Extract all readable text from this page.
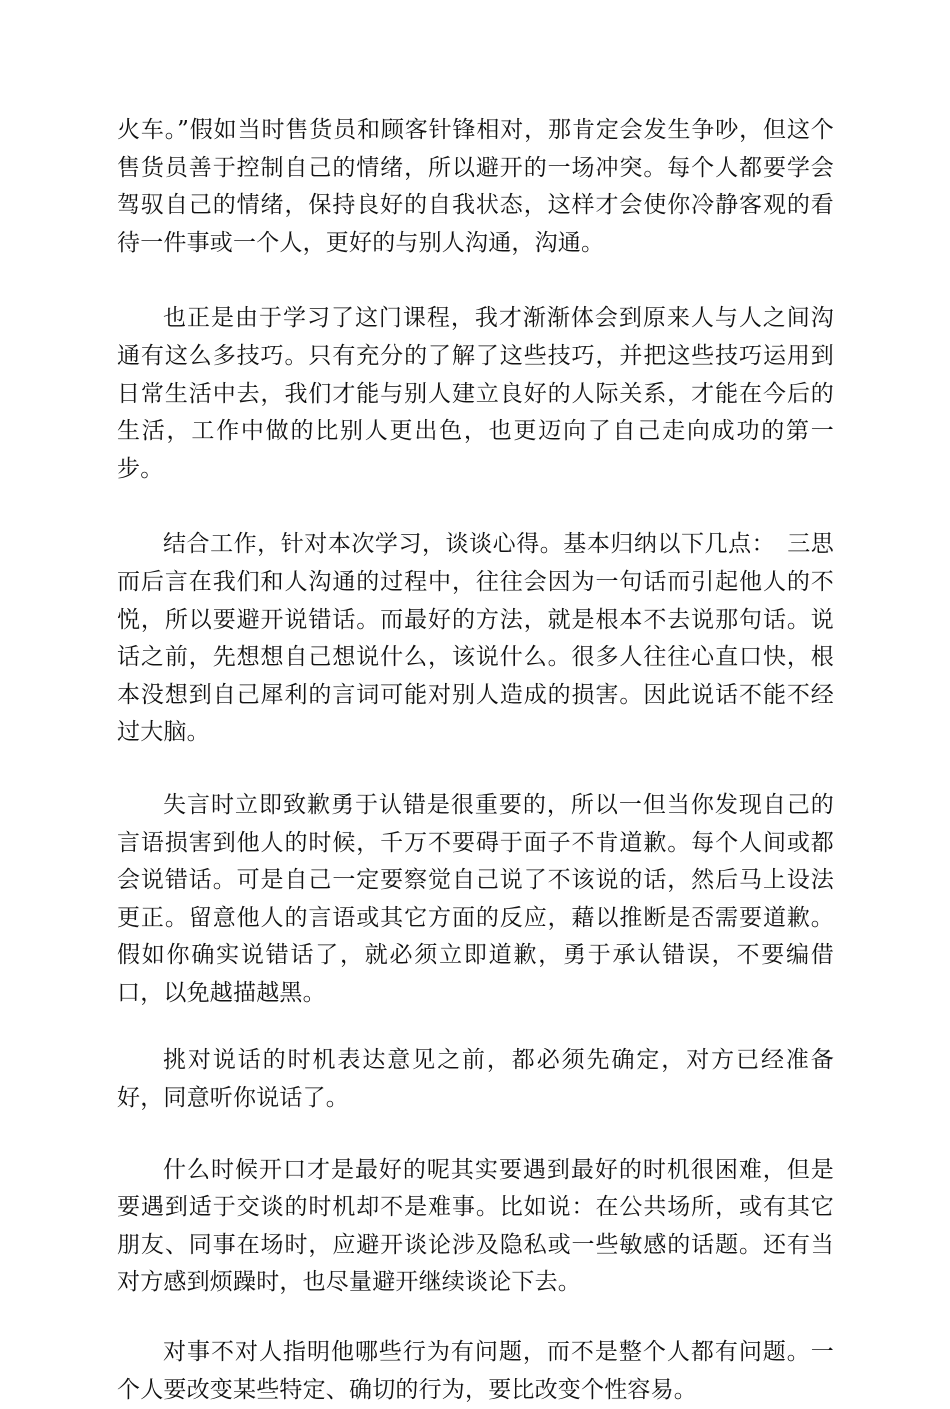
火车。”假如当时售货员和顾客针锋相对，那肯定会发生争吵，但这个售货员善于控制自己的情绪，所以避开的一场冲突。每个人都要学会驾驭自己的情绪，保持良好的自我状态，这样才会使你冷静客观的看待一件事或一个人，更好的与别人沟通，沟通。

也正是由于学习了这门课程，我才渐渐体会到原来人与人之间沟通有这么多技巧。只有充分的了解了这些技巧，并把这些技巧运用到日常生活中去，我们才能与别人建立良好的人际关系，才能在今后的生活，工作中做的比别人更出色，也更迈向了自己走向成功的第一步。

结合工作，针对本次学习，谈谈心得。基本归纳以下几点：　三思而后言在我们和人沟通的过程中，往往会因为一句话而引起他人的不悦，所以要避开说错话。而最好的方法，就是根本不去说那句话。说话之前，先想想自己想说什么，该说什么。很多人往往心直口快，根本没想到自己犀利的言词可能对别人造成的损害。因此说话不能不经过大脑。

失言时立即致歉勇于认错是很重要的，所以一但当你发现自己的言语损害到他人的时候，千万不要碍于面子不肯道歉。每个人间或都会说错话。可是自己一定要察觉自己说了不该说的话，然后马上设法更正。留意他人的言语或其它方面的反应，藉以推断是否需要道歉。假如你确实说错话了，就必须立即道歉，勇于承认错误，不要编借口，以免越描越黑。

挑对说话的时机表达意见之前，都必须先确定，对方已经准备好，同意听你说话了。

什么时候开口才是最好的呢其实要遇到最好的时机很困难，但是要遇到适于交谈的时机却不是难事。比如说：在公共场所，或有其它朋友、同事在场时，应避开谈论涉及隐私或一些敏感的话题。还有当对方感到烦躁时，也尽量避开继续谈论下去。

对事不对人指明他哪些行为有问题，而不是整个人都有问题。一个人要改变某些特定、确切的行为，要比改变个性容易。
